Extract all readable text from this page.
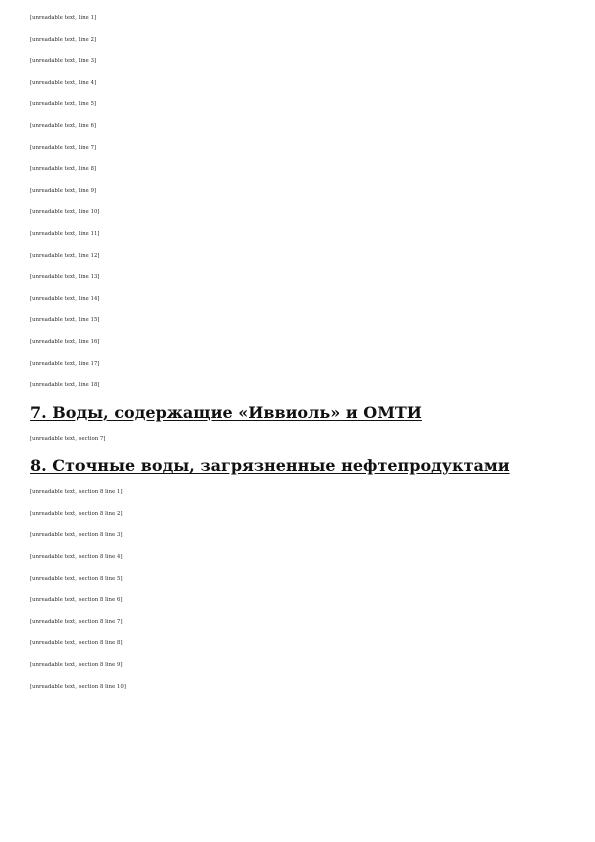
[unreadable text, line 1]

[unreadable text, line 2]

[unreadable text, line 3]

[unreadable text, line 4]

[unreadable text, line 5]

[unreadable text, line 6]

[unreadable text, line 7]

[unreadable text, line 8]

[unreadable text, line 9]

[unreadable text, line 10]

[unreadable text, line 11]

[unreadable text, line 12]

[unreadable text, line 13]

[unreadable text, line 14]

[unreadable text, line 15]

[unreadable text, line 16]

[unreadable text, line 17]

[unreadable text, line 18]

7. Воды, содержащие «Иввиоль» и ОМТИ

[unreadable text, section 7]

8. Сточные воды, загрязненные нефтепродуктами

[unreadable text, section 8 line 1]

[unreadable text, section 8 line 2]

[unreadable text, section 8 line 3]

[unreadable text, section 8 line 4]

[unreadable text, section 8 line 5]

[unreadable text, section 8 line 6]

[unreadable text, section 8 line 7]

[unreadable text, section 8 line 8]

[unreadable text, section 8 line 9]

[unreadable text, section 8 line 10]
